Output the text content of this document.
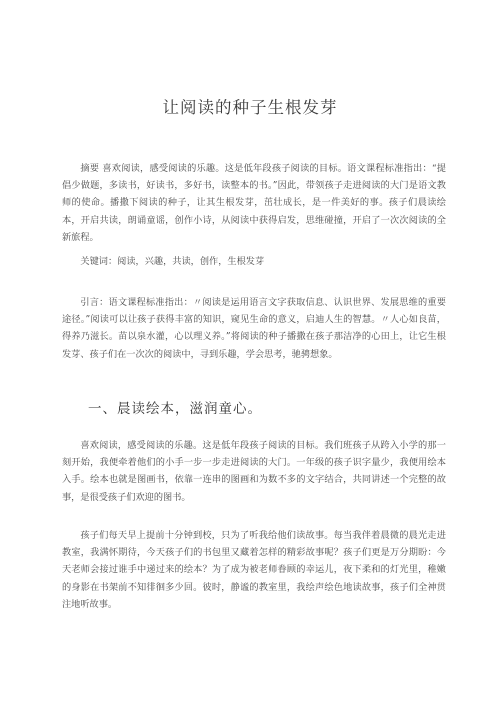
让阅读的种子生根发芽

摘要 喜欢阅读，感受阅读的乐趣。这是低年段孩子阅读的目标。语文课程标准指出：“提倡少做题，多读书，好读书，多好书，读整本的书。”因此，带领孩子走进阅读的大门是语文教师的使命。播撒下阅读的种子，让其生根发芽，茁壮成长，是一件美好的事。孩子们晨读绘本，开启共读，朗诵童谣，创作小诗，从阅读中获得启发，思维碰撞，开启了一次次阅读的全新旅程。

关键词：阅读，兴趣，共读，创作，生根发芽

引言：语文课程标准指出：〃阅读是运用语言文字获取信息、认识世界、发展思维的重要途径。”阅读可以让孩子获得丰富的知识，窥见生命的意义，启迪人生的智慧。〃人心如良苗，得养乃滋长。苗以泉水灌，心以理义养。”将阅读的种子播撒在孩子那洁净的心田上，让它生根发芽、孩子们在一次次的阅读中，寻到乐趣，学会思考，驰骋想象。

一、晨读绘本，滋润童心。

喜欢阅读，感受阅读的乐趣。这是低年段孩子阅读的目标。我们班孩子从跨入小学的那一刻开始，我便牵着他们的小手一步一步走进阅读的大门。一年级的孩子识字量少，我便用绘本入手。绘本也就是图画书，依靠一连串的图画和为数不多的文字结合，共同讲述一个完整的故事，是很受孩子们欢迎的图书。

孩子们每天早上提前十分钟到校，只为了听我给他们读故事。每当我伴着晨微的晨光走进教室，我满怀期待，今天孩子们的书包里又藏着怎样的精彩故事呢？孩子们更是万分期盼：今天老师会接过谁手中递过来的绘本？为了成为被老师眷顾的幸运儿，夜下柔和的灯光里，稚嫩的身影在书架前不知徘徊多少回。彼时，静谧的教室里，我绘声绘色地读故事，孩子们全神贯注地听故事。
